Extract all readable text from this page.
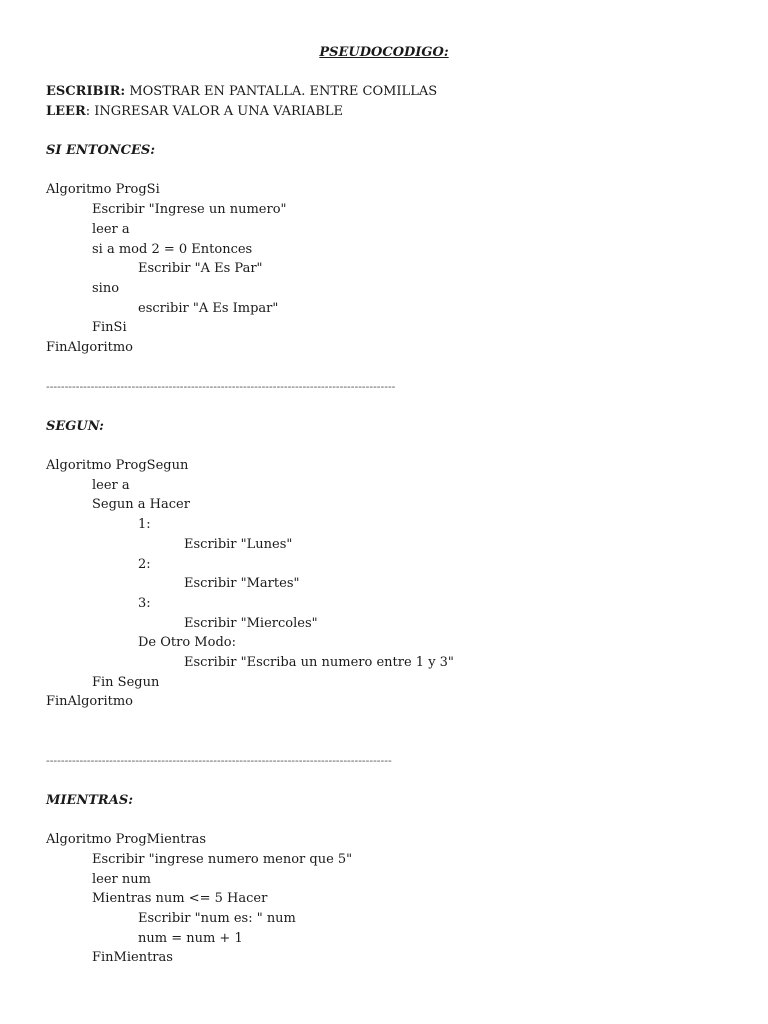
PSEUDOCODIGO:
ESCRIBIR: MOSTRAR EN PANTALLA. ENTRE COMILLAS
LEER: INGRESAR VALOR A UNA VARIABLE
SI ENTONCES:
Algoritmo ProgSi
Escribir "Ingrese un numero"
leer a
si a mod 2 = 0 Entonces
Escribir "A Es Par"
sino
escribir "A Es Impar"
FinSi
FinAlgoritmo
----------------------------------------------------------------------------------------------
SEGUN:
Algoritmo ProgSegun
leer a
Segun a Hacer
1:
Escribir "Lunes"
2:
Escribir "Martes"
3:
Escribir "Miercoles"
De Otro Modo:
Escribir "Escriba un numero entre 1 y 3"
Fin Segun
FinAlgoritmo
---------------------------------------------------------------------------------------------
MIENTRAS:
Algoritmo ProgMientras
Escribir "ingrese numero menor que 5"
leer num
Mientras num <= 5 Hacer
Escribir "num es: " num
num = num + 1
FinMientras
